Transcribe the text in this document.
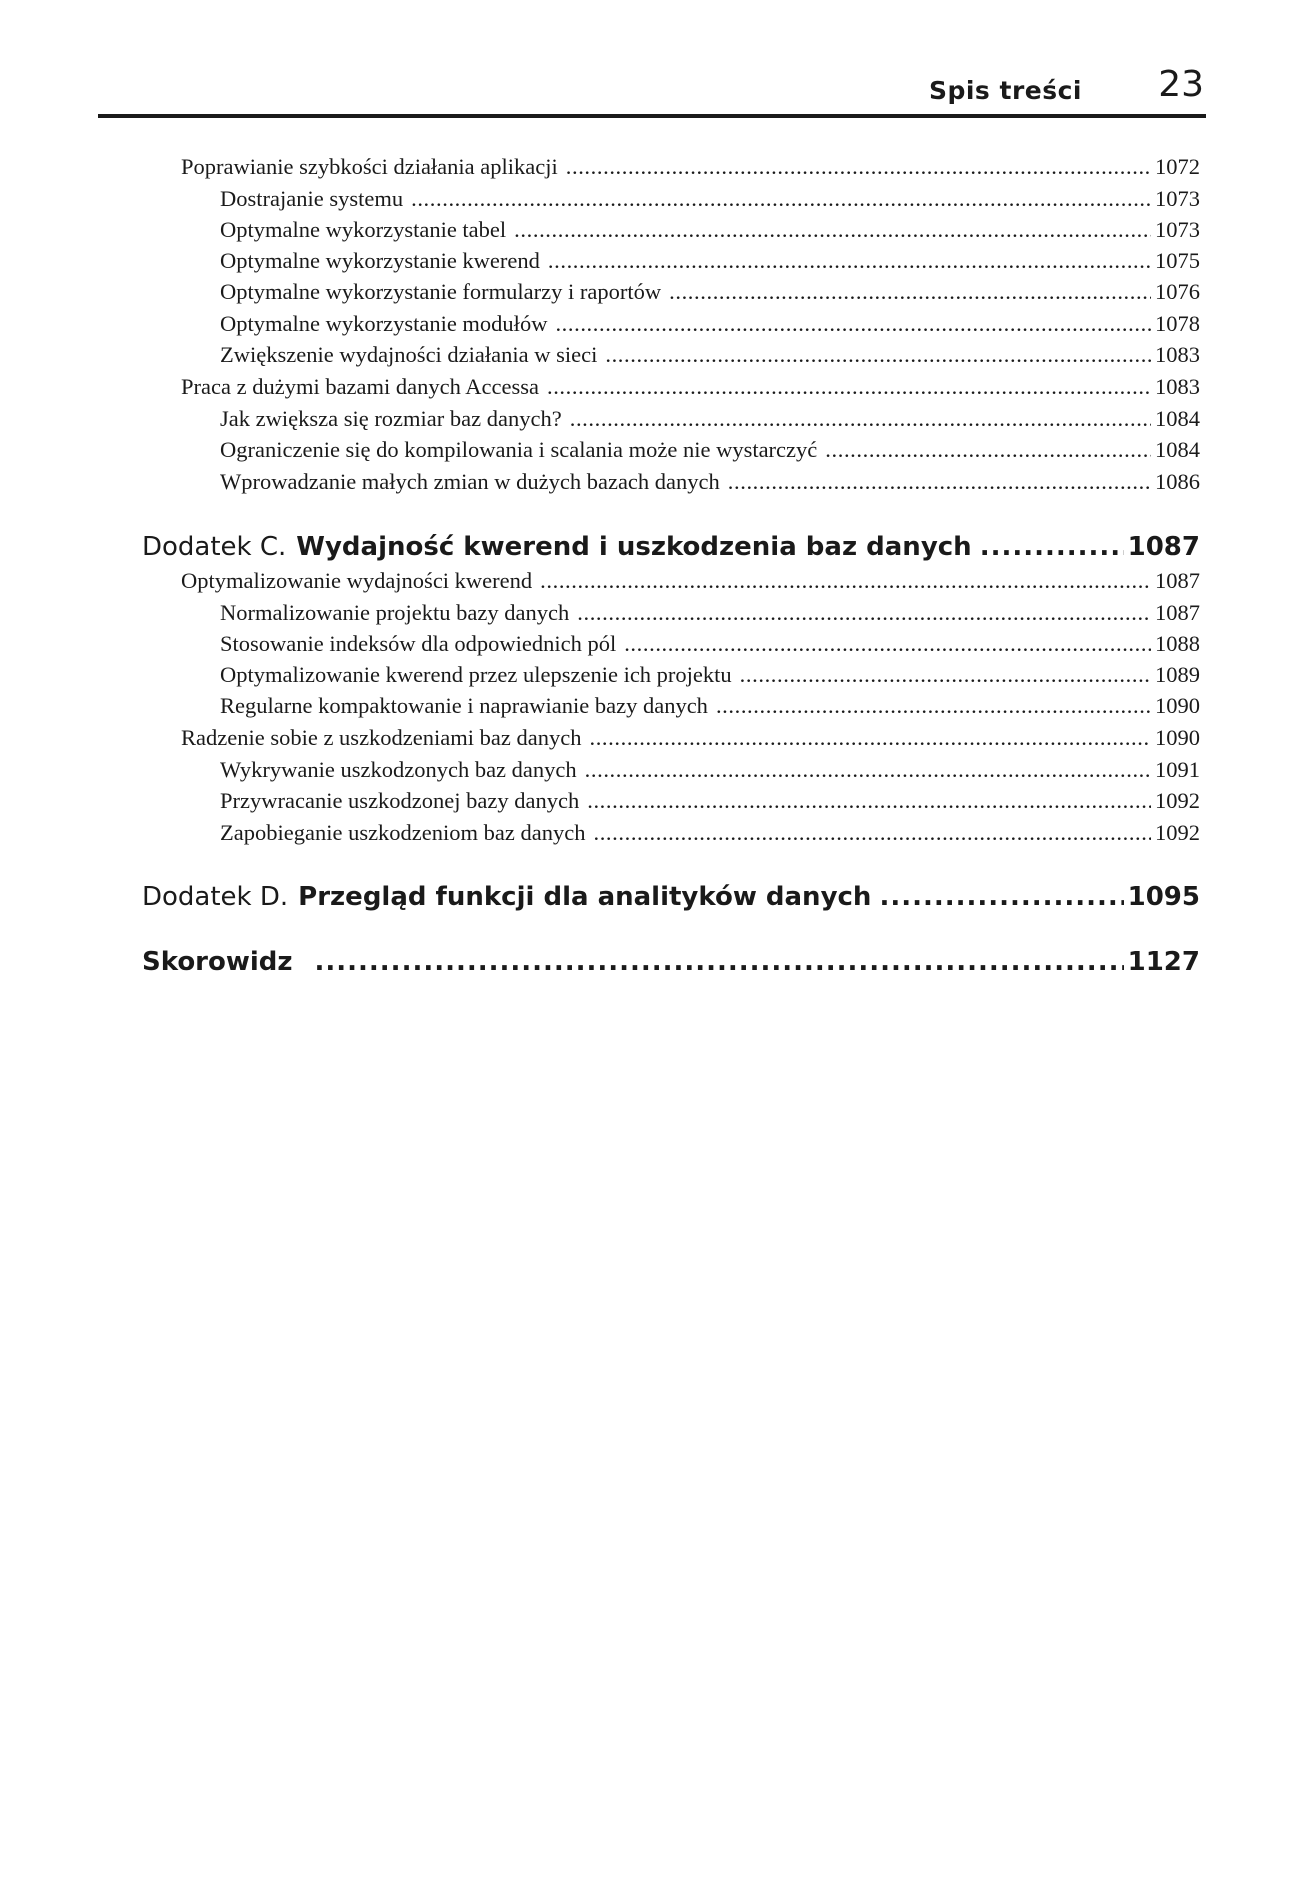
Spis treści 23
Poprawianie szybkości działania aplikacji .....	1072
Dostrajanie systemu .....	1073
Optymalne wykorzystanie tabel .....	1073
Optymalne wykorzystanie kwerend .....	1075
Optymalne wykorzystanie formularzy i raportów .....	1076
Optymalne wykorzystanie modułów .....	1078
Zwiększenie wydajności działania w sieci .....	1083
Praca z dużymi bazami danych Accessa .....	1083
Jak zwiększa się rozmiar baz danych? .....	1084
Ograniczenie się do kompilowania i scalania może nie wystarczyć .....	1084
Wprowadzanie małych zmian w dużych bazach danych .....	1086
Dodatek C. Wydajność kwerend i uszkodzenia baz danych .....	1087
Optymalizowanie wydajności kwerend .....	1087
Normalizowanie projektu bazy danych .....	1087
Stosowanie indeksów dla odpowiednich pól .....	1088
Optymalizowanie kwerend przez ulepszenie ich projektu .....	1089
Regularne kompaktowanie i naprawianie bazy danych .....	1090
Radzenie sobie z uszkodzeniami baz danych .....	1090
Wykrywanie uszkodzonych baz danych .....	1091
Przywracanie uszkodzonej bazy danych .....	1092
Zapobieganie uszkodzeniom baz danych .....	1092
Dodatek D. Przegląd funkcji dla analityków danych .....	1095
Skorowidz .....	1127
